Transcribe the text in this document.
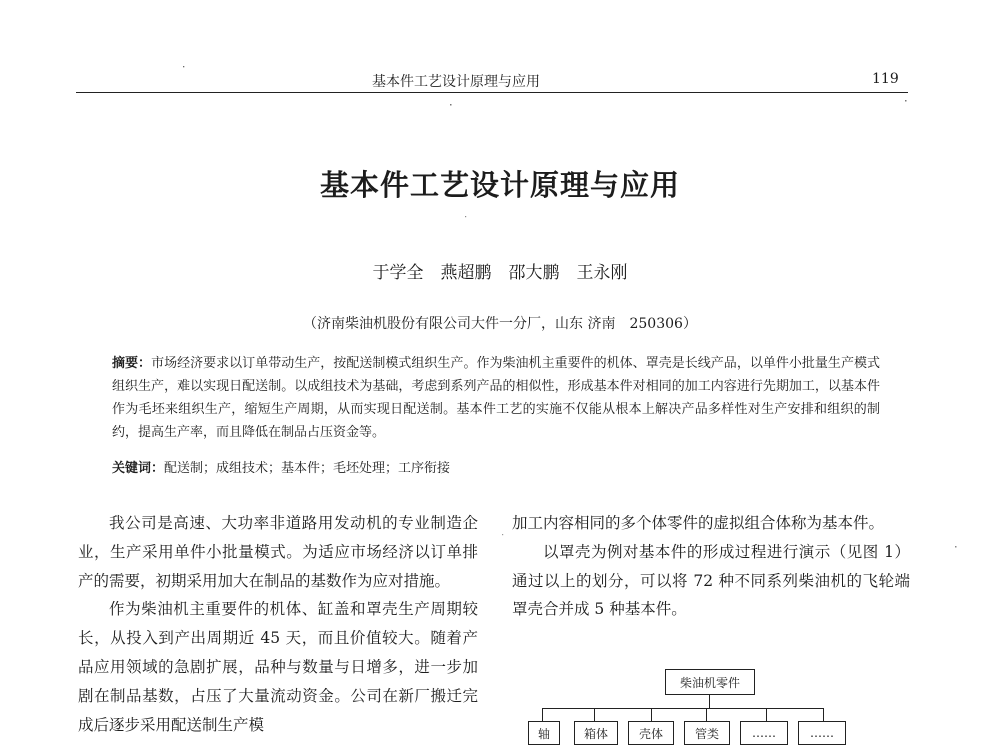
基本件工艺设计原理与应用	119
基本件工艺设计原理与应用
于学全　燕超鹏　邵大鹏　王永刚
（济南柴油机股份有限公司大件一分厂，山东 济南　250306）
摘要：市场经济要求以订单带动生产，按配送制模式组织生产。作为柴油机主重要件的机体、罩壳是长线产品，以单件小批量生产模式组织生产，难以实现日配送制。以成组技术为基础，考虑到系列产品的相似性，形成基本件对相同的加工内容进行先期加工，以基本件作为毛坯来组织生产，缩短生产周期，从而实现日配送制。基本件工艺的实施不仅能从根本上解决产品多样性对生产安排和组织的制约，提高生产率，而且降低在制品占压资金等。
关键词：配送制；成组技术；基本件；毛坯处理；工序衔接

我公司是高速、大功率非道路用发动机的专业制造企业，生产采用单件小批量模式。为适应市场经济以订单排产的需要，初期采用加大在制品的基数作为应对措施。

作为柴油机主重要件的机体、缸盖和罩壳生产周期较长，从投入到产出周期近 45 天，而且价值较大。随着产品应用领域的急剧扩展，品种与数量与日增多，进一步加剧在制品基数，占压了大量流动资金。公司在新厂搬迁完成后逐步采用配送制生产模

加工内容相同的多个体零件的虚拟组合体称为基本件。

以罩壳为例对基本件的形成过程进行演示（见图 1）通过以上的划分，可以将 72 种不同系列柴油机的飞轮端罩壳合并成 5 种基本件。

柴油机零件
轴	箱体	壳体	管类	……	……
